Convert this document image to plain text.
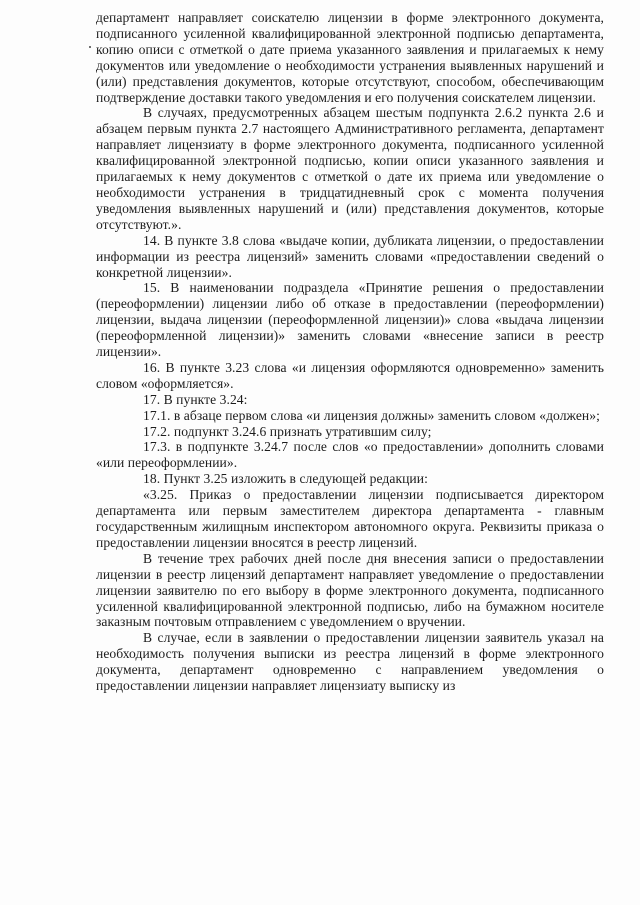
департамент направляет соискателю лицензии в форме электронного документа, подписанного усиленной квалифицированной электронной подписью департамента, копию описи с отметкой о дате приема указанного заявления и прилагаемых к нему документов или уведомление о необходимости устранения выявленных нарушений и (или) представления документов, которые отсутствуют, способом, обеспечивающим подтверждение доставки такого уведомления и его получения соискателем лицензии.

В случаях, предусмотренных абзацем шестым подпункта 2.6.2 пункта 2.6 и абзацем первым пункта 2.7 настоящего Административного регламента, департамент направляет лицензиату в форме электронного документа, подписанного усиленной квалифицированной электронной подписью, копии описи указанного заявления и прилагаемых к нему документов с отметкой о дате их приема или уведомление о необходимости устранения в тридцатидневный срок с момента получения уведомления выявленных нарушений и (или) представления документов, которые отсутствуют.».

14. В пункте 3.8 слова «выдаче копии, дубликата лицензии, о предоставлении информации из реестра лицензий» заменить словами «предоставлении сведений о конкретной лицензии».

15. В наименовании подраздела «Принятие решения о предоставлении (переоформлении) лицензии либо об отказе в предоставлении (переоформлении) лицензии, выдача лицензии (переоформленной лицензии)» слова «выдача лицензии (переоформленной лицензии)» заменить словами «внесение записи в реестр лицензии».

16. В пункте 3.23 слова «и лицензия оформляются одновременно» заменить словом «оформляется».

17. В пункте 3.24:

17.1. в абзаце первом слова «и лицензия должны» заменить словом «должен»;

17.2. подпункт 3.24.6 признать утратившим силу;

17.3. в подпункте 3.24.7 после слов «о предоставлении» дополнить словами «или переоформлении».

18. Пункт 3.25 изложить в следующей редакции:

«3.25. Приказ о предоставлении лицензии подписывается директором департамента или первым заместителем директора департамента - главным государственным жилищным инспектором автономного округа. Реквизиты приказа о предоставлении лицензии вносятся в реестр лицензий.

В течение трех рабочих дней после дня внесения записи о предоставлении лицензии в реестр лицензий департамент направляет уведомление о предоставлении лицензии заявителю по его выбору в форме электронного документа, подписанного усиленной квалифицированной электронной подписью, либо на бумажном носителе заказным почтовым отправлением с уведомлением о вручении.

В случае, если в заявлении о предоставлении лицензии заявитель указал на необходимость получения выписки из реестра лицензий в форме электронного документа, департамент одновременно с направлением уведомления о предоставлении лицензии направляет лицензиату выписку из
